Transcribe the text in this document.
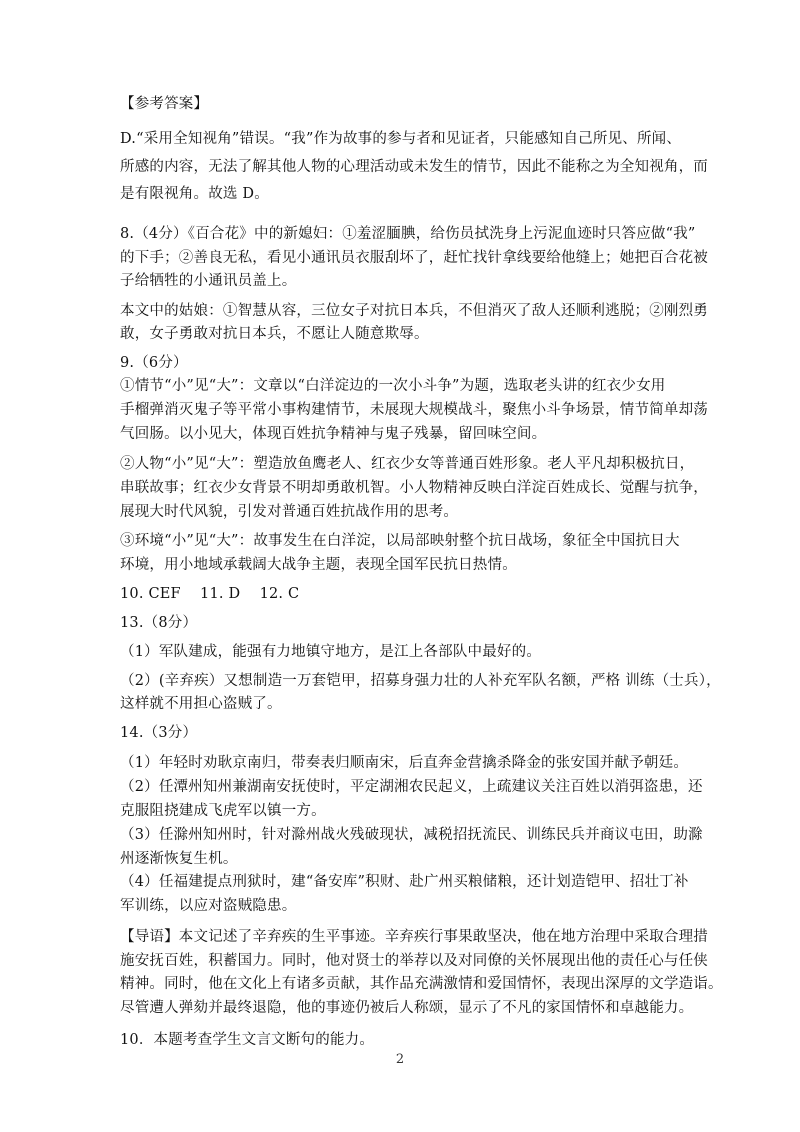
【参考答案】
D.“采用全知视角”错误。“我”作为故事的参与者和见证者，只能感知自己所见、所闻、
所感的内容，无法了解其他人物的心理活动或未发生的情节，因此不能称之为全知视角，而
是有限视角。故选 D。
8.（4分）《百合花》中的新媳妇：①羞涩腼腆，给伤员拭洗身上污泥血迹时只答应做“我”
的下手；②善良无私，看见小通讯员衣服刮坏了，赶忙找针拿线要给他缝上；她把百合花被
子给牺牲的小通讯员盖上。
本文中的姑娘：①智慧从容，三位女子对抗日本兵，不但消灭了敌人还顺利逃脱；②刚烈勇
敢，女子勇敢对抗日本兵，不愿让人随意欺辱。
9.（6分）
①情节“小”见“大”：文章以“白洋淀边的一次小斗争”为题，选取老头讲的红衣少女用
手榴弹消灭鬼子等平常小事构建情节，未展现大规模战斗，聚焦小斗争场景，情节简单却荡
气回肠。以小见大，体现百姓抗争精神与鬼子残暴，留回味空间。
②人物“小”见“大”：塑造放鱼鹰老人、红衣少女等普通百姓形象。老人平凡却积极抗日，
串联故事；红衣少女背景不明却勇敢机智。小人物精神反映白洋淀百姓成长、觉醒与抗争，
展现大时代风貌，引发对普通百姓抗战作用的思考。
③环境“小”见“大”：故事发生在白洋淀，以局部映射整个抗日战场，象征全中国抗日大
环境，用小地域承载阔大战争主题，表现全国军民抗日热情。
10. CEF    11. D    12. C
13.（8分）
（1）军队建成，能强有力地镇守地方，是江上各部队中最好的。
（2）(辛弃疾）又想制造一万套铠甲，招募身强力壮的人补充军队名额，严格 训练（士兵），
这样就不用担心盗贼了。
14.（3分）
（1）年轻时劝耿京南归，带奏表归顺南宋，后直奔金营擒杀降金的张安国并献予朝廷。
（2）任潭州知州兼湖南安抚使时，平定湖湘农民起义，上疏建议关注百姓以消弭盗患，还
克服阻挠建成飞虎军以镇一方。
（3）任滁州知州时，针对滁州战火残破现状，减税招抚流民、训练民兵并商议屯田，助滁
州逐渐恢复生机。
（4）任福建提点刑狱时，建“备安库”积财、赴广州买粮储粮，还计划造铠甲、招壮丁补
军训练，以应对盗贼隐患。
【导语】本文记述了辛弃疾的生平事迹。辛弃疾行事果敢坚决，他在地方治理中采取合理措
施安抚百姓，积蓄国力。同时，他对贤士的举荐以及对同僚的关怀展现出他的责任心与任侠
精神。同时，他在文化上有诸多贡献，其作品充满激情和爱国情怀，表现出深厚的文学造诣。
尽管遭人弹劾并最终退隐，他的事迹仍被后人称颂，显示了不凡的家国情怀和卓越能力。
10．本题考查学生文言文断句的能力。
2
